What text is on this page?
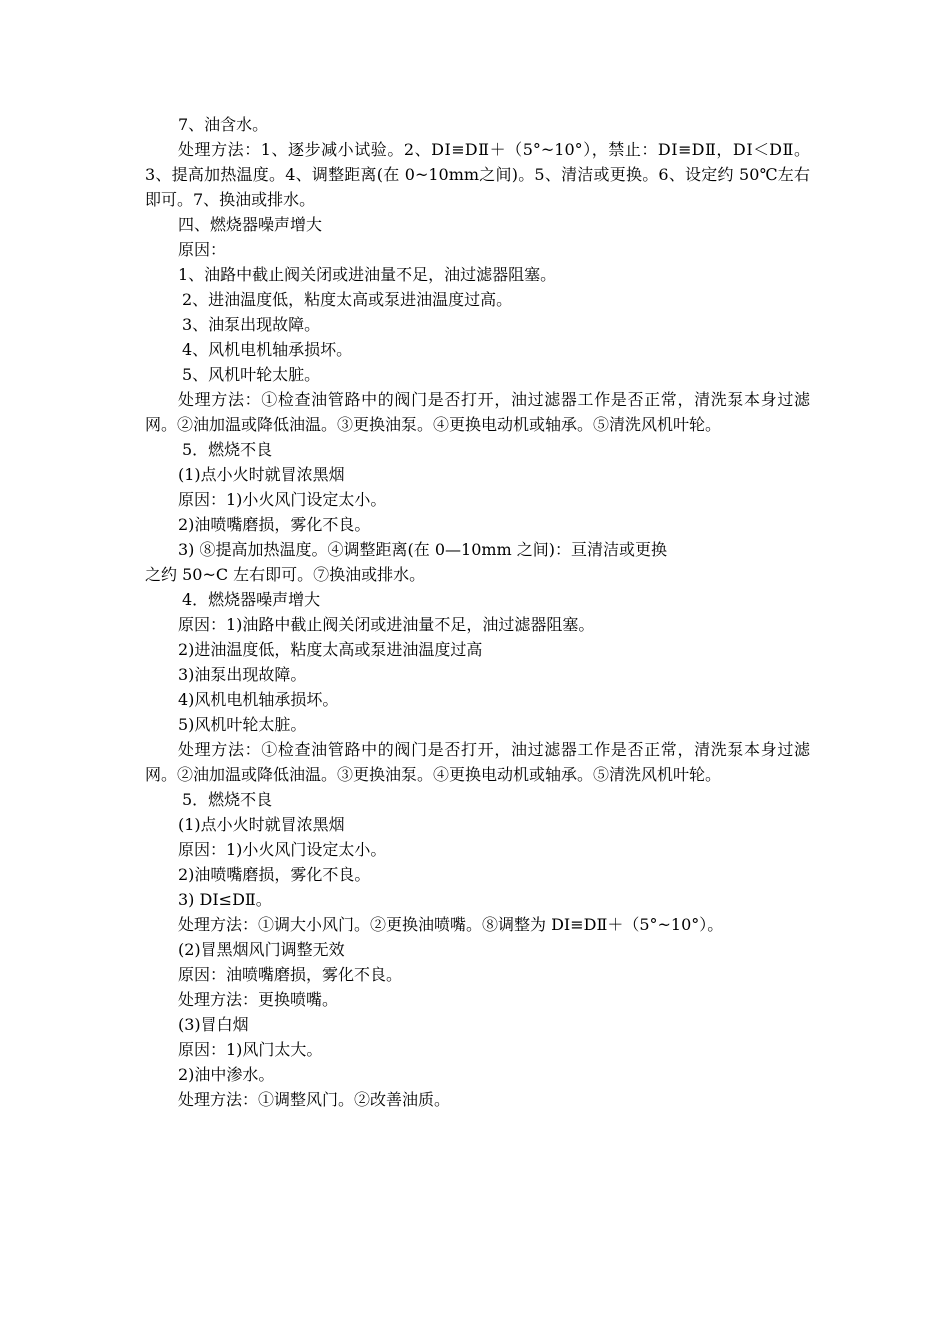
7、油含水。

处理方法：1、逐步减小试验。2、DⅠ≡DⅡ＋（5°~10°），禁止：DⅠ≡DⅡ，DⅠ＜DⅡ。3、提高加热温度。4、调整距离(在 0~10mm之间)。5、清洁或更换。6、设定约 50℃左右即可。7、换油或排水。

四、燃烧器噪声增大

原因：

1、油路中截止阀关闭或进油量不足，油过滤器阻塞。

2、进油温度低，粘度太高或泵进油温度过高。

3、油泵出现故障。

4、风机电机轴承损坏。

5、风机叶轮太脏。

处理方法：①检查油管路中的阀门是否打开，油过滤器工作是否正常，清洗泵本身过滤网。②油加温或降低油温。③更换油泵。④更换电动机或轴承。⑤清洗风机叶轮。

5．燃烧不良

(1)点小火时就冒浓黑烟

原因：1)小火风门设定太小。

2)油喷嘴磨损，雾化不良。

3) ⑧提高加热温度。④调整距离(在 0—10mm 之间)：亘清洁或更换

之约 50~C 左右即可。⑦换油或排水。

4．燃烧器噪声增大

原因：1)油路中截止阀关闭或进油量不足，油过滤器阻塞。

2)进油温度低，粘度太高或泵进油温度过高

3)油泵出现故障。

4)风机电机轴承损坏。

5)风机叶轮太脏。

处理方法：①检查油管路中的阀门是否打开，油过滤器工作是否正常，清洗泵本身过滤网。②油加温或降低油温。③更换油泵。④更换电动机或轴承。⑤清洗风机叶轮。

5．燃烧不良

(1)点小火时就冒浓黑烟

原因：1)小火风门设定太小。

2)油喷嘴磨损，雾化不良。

3) DⅠ≤DⅡ。

处理方法：①调大小风门。②更换油喷嘴。⑧调整为 DⅠ≡DⅡ＋（5°~10°）。

(2)冒黑烟风门调整无效

原因：油喷嘴磨损，雾化不良。

处理方法：更换喷嘴。

(3)冒白烟

原因：1)风门太大。

2)油中渗水。

处理方法：①调整风门。②改善油质。
